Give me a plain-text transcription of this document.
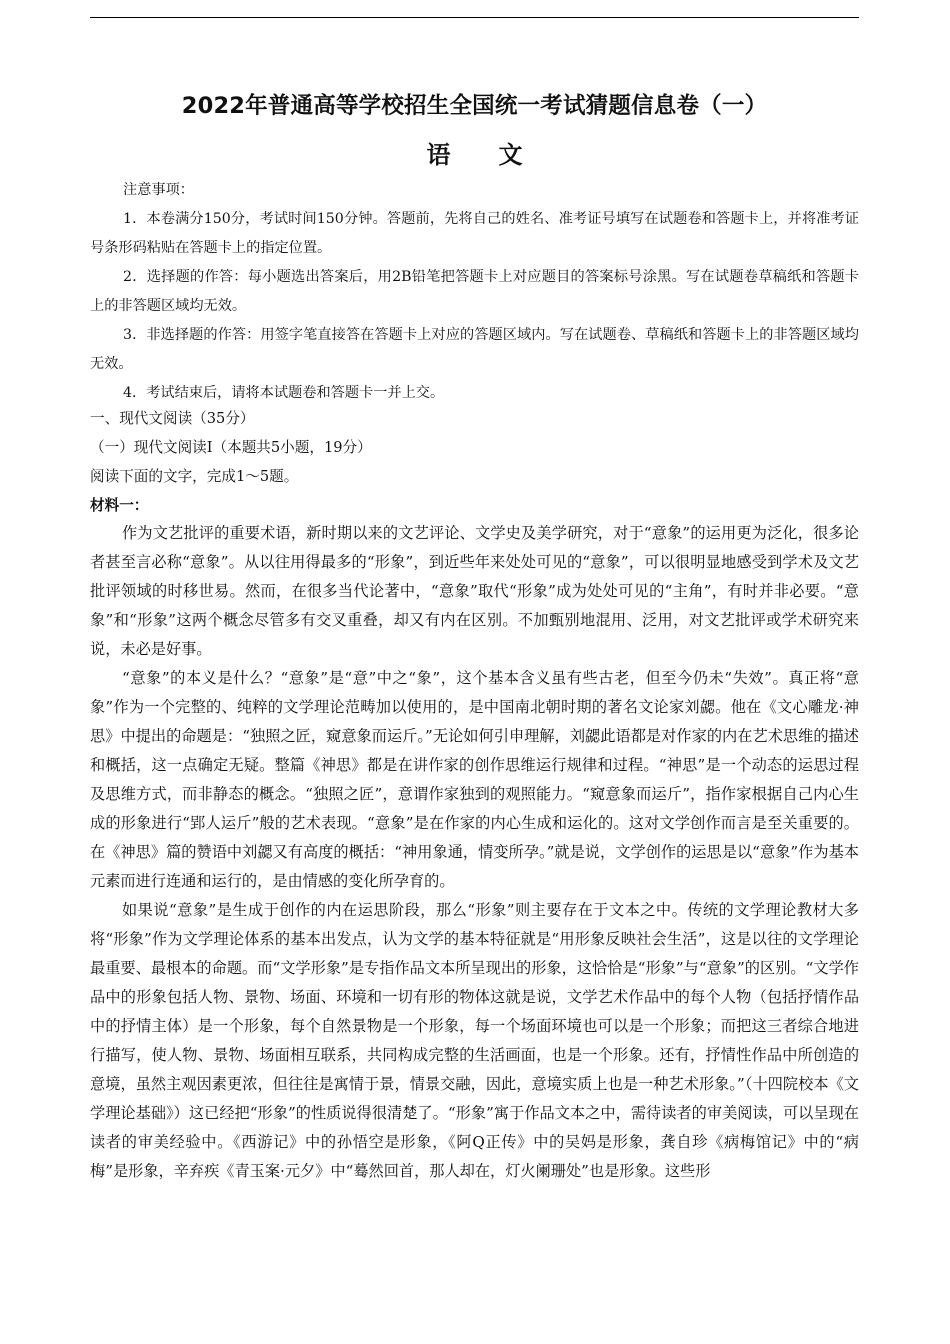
2022年普通高等学校招生全国统一考试猜题信息卷（一）
语文

注意事项：

1．本卷满分150分，考试时间150分钟。答题前，先将自己的姓名、准考证号填写在试题卷和答题卡上，并将准考证号条形码粘贴在答题卡上的指定位置。

2．选择题的作答：每小题选出答案后，用2B铅笔把答题卡上对应题目的答案标号涂黑。写在试题卷草稿纸和答题卡上的非答题区域均无效。

3．非选择题的作答：用签字笔直接答在答题卡上对应的答题区域内。写在试题卷、草稿纸和答题卡上的非答题区域均无效。

4．考试结束后，请将本试题卷和答题卡一并上交。

一、现代文阅读（35分）

（一）现代文阅读Ⅰ（本题共5小题，19分）

阅读下面的文字，完成1～5题。

材料一：

作为文艺批评的重要术语，新时期以来的文艺评论、文学史及美学研究，对于“意象”的运用更为泛化，很多论者甚至言必称“意象”。从以往用得最多的“形象”，到近些年来处处可见的“意象”，可以很明显地感受到学术及文艺批评领域的时移世易。然而，在很多当代论著中，“意象”取代“形象”成为处处可见的“主角”，有时并非必要。“意象”和“形象”这两个概念尽管多有交叉重叠，却又有内在区别。不加甄别地混用、泛用，对文艺批评或学术研究来说，未必是好事。

“意象”的本义是什么？“意象”是“意”中之“象”，这个基本含义虽有些古老，但至今仍未“失效”。真正将“意象”作为一个完整的、纯粹的文学理论范畴加以使用的，是中国南北朝时期的著名文论家刘勰。他在《文心雕龙·神思》中提出的命题是：“独照之匠，窥意象而运斤。”无论如何引申理解，刘勰此语都是对作家的内在艺术思维的描述和概括，这一点确定无疑。整篇《神思》都是在讲作家的创作思维运行规律和过程。“神思”是一个动态的运思过程及思维方式，而非静态的概念。“独照之匠”，意谓作家独到的观照能力。“窥意象而运斤”，指作家根据自己内心生成的形象进行“郢人运斤”般的艺术表现。“意象”是在作家的内心生成和运化的。这对文学创作而言是至关重要的。在《神思》篇的赞语中刘勰又有高度的概括：“神用象通，情变所孕。”就是说，文学创作的运思是以“意象”作为基本元素而进行连通和运行的，是由情感的变化所孕育的。

如果说“意象”是生成于创作的内在运思阶段，那么“形象”则主要存在于文本之中。传统的文学理论教材大多将“形象”作为文学理论体系的基本出发点，认为文学的基本特征就是“用形象反映社会生活”，这是以往的文学理论最重要、最根本的命题。而“文学形象”是专指作品文本所呈现出的形象，这恰恰是“形象”与“意象”的区别。“文学作品中的形象包括人物、景物、场面、环境和一切有形的物体这就是说，文学艺术作品中的每个人物（包括抒情作品中的抒情主体）是一个形象，每个自然景物是一个形象，每一个场面环境也可以是一个形象；而把这三者综合地进行描写，使人物、景物、场面相互联系，共同构成完整的生活画面，也是一个形象。还有，抒情性作品中所创造的意境，虽然主观因素更浓，但往往是寓情于景，情景交融，因此，意境实质上也是一种艺术形象。”（十四院校本《文学理论基础》）这已经把“形象”的性质说得很清楚了。“形象”寓于作品文本之中，需待读者的审美阅读，可以呈现在读者的审美经验中。《西游记》中的孙悟空是形象，《阿Q正传》中的吴妈是形象，龚自珍《病梅馆记》中的“病梅”是形象，辛弃疾《青玉案·元夕》中“蓦然回首，那人却在，灯火阑珊处”也是形象。这些形
